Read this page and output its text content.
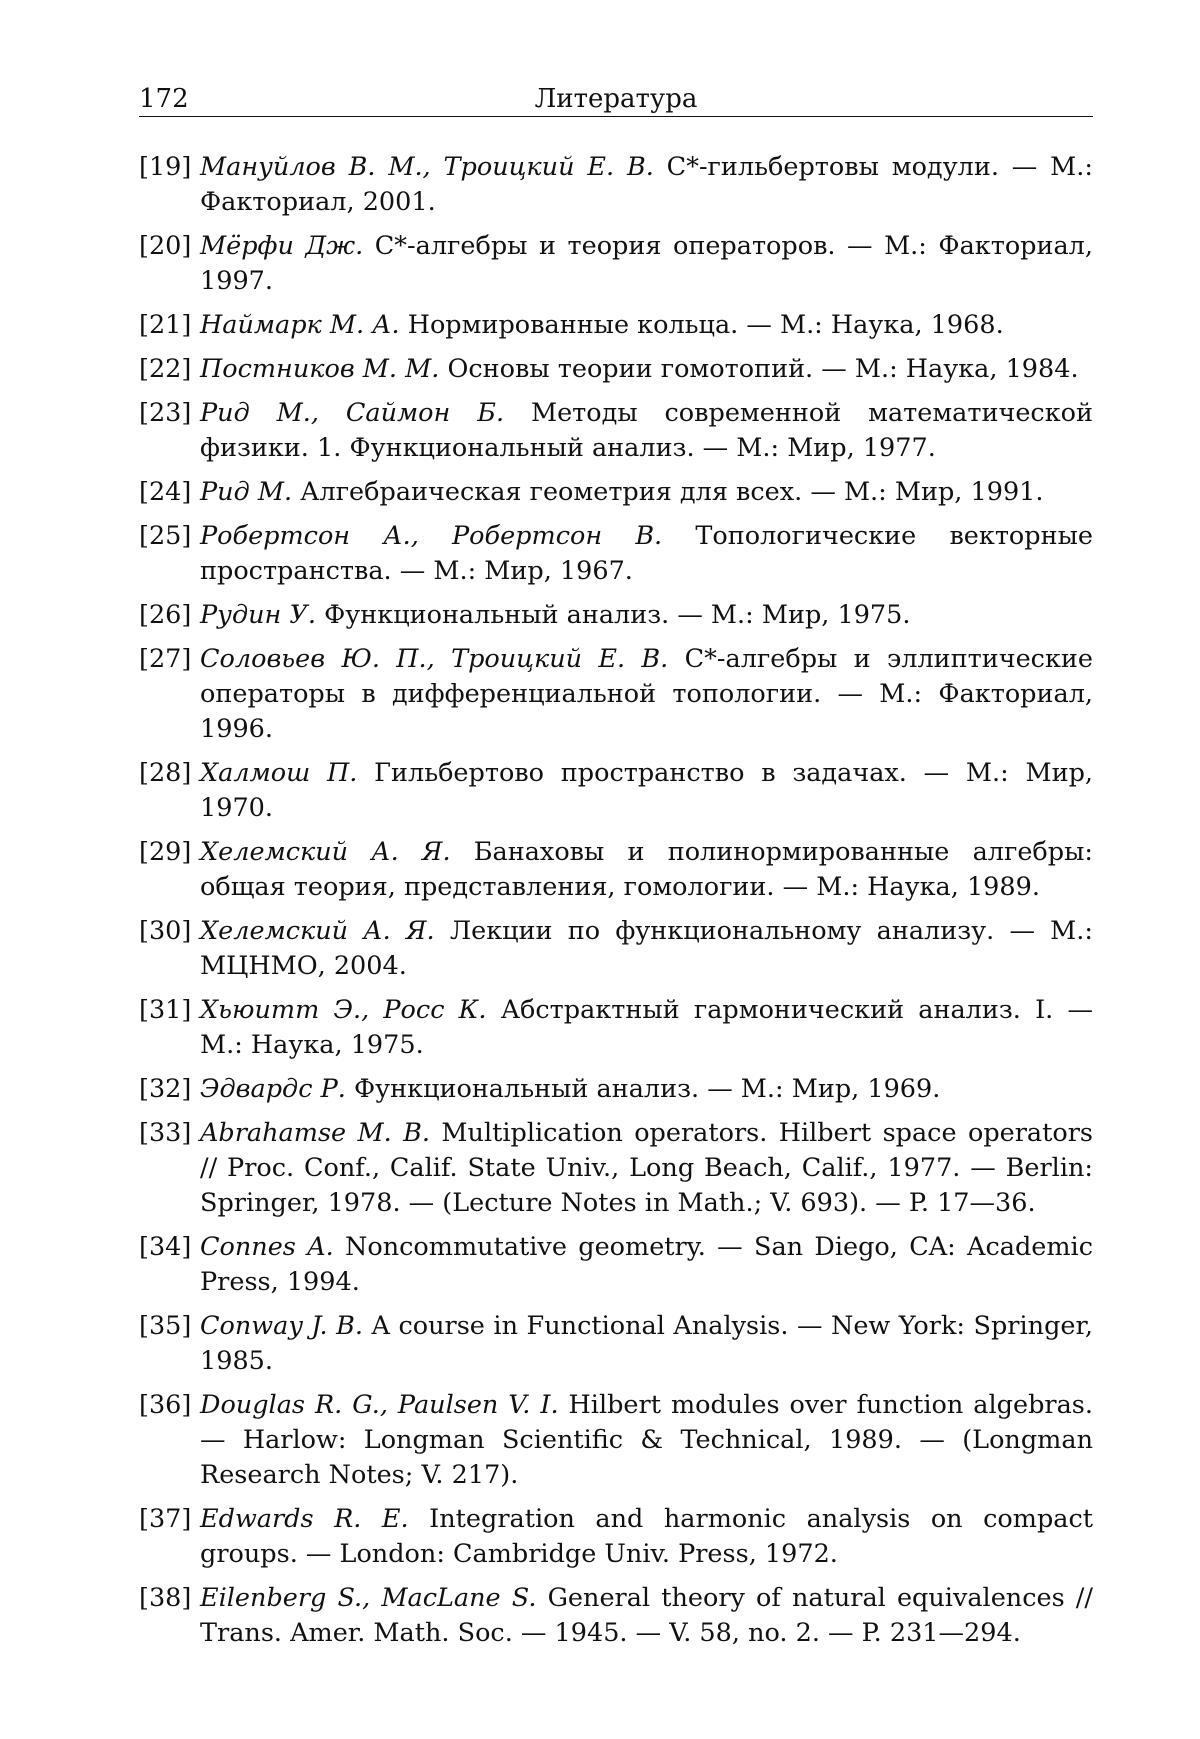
172	Литература
[19] Мануйлов В. М., Троицкий Е. В. C*-гильбертовы модули. — М.: Факториал, 2001.
[20] Мёрфи Дж. C*-алгебры и теория операторов. — М.: Факториал, 1997.
[21] Наймарк М. А. Нормированные кольца. — М.: Наука, 1968.
[22] Постников М. М. Основы теории гомотопий. — М.: Наука, 1984.
[23] Рид М., Саймон Б. Методы современной математической физики. 1. Функциональный анализ. — М.: Мир, 1977.
[24] Рид М. Алгебраическая геометрия для всех. — М.: Мир, 1991.
[25] Робертсон А., Робертсон В. Топологические векторные пространства. — М.: Мир, 1967.
[26] Рудин У. Функциональный анализ. — М.: Мир, 1975.
[27] Соловьев Ю. П., Троицкий Е. В. C*-алгебры и эллиптические операторы в дифференциальной топологии. — М.: Факториал, 1996.
[28] Халмош П. Гильбертово пространство в задачах. — М.: Мир, 1970.
[29] Хелемский А. Я. Банаховы и полинормированные алгебры: общая теория, представления, гомологии. — М.: Наука, 1989.
[30] Хелемский А. Я. Лекции по функциональному анализу. — М.: МЦНМО, 2004.
[31] Хьюитт Э., Росс К. Абстрактный гармонический анализ. I. — М.: Наука, 1975.
[32] Эдвардс Р. Функциональный анализ. — М.: Мир, 1969.
[33] Abrahamse M. B. Multiplication operators. Hilbert space operators // Proc. Conf., Calif. State Univ., Long Beach, Calif., 1977. — Berlin: Springer, 1978. — (Lecture Notes in Math.; V. 693). — P. 17—36.
[34] Connes A. Noncommutative geometry. — San Diego, CA: Academic Press, 1994.
[35] Conway J. B. A course in Functional Analysis. — New York: Springer, 1985.
[36] Douglas R. G., Paulsen V. I. Hilbert modules over function algebras. — Harlow: Longman Scientific & Technical, 1989. — (Longman Research Notes; V. 217).
[37] Edwards R. E. Integration and harmonic analysis on compact groups. — London: Cambridge Univ. Press, 1972.
[38] Eilenberg S., MacLane S. General theory of natural equivalences // Trans. Amer. Math. Soc. — 1945. — V. 58, no. 2. — P. 231—294.
